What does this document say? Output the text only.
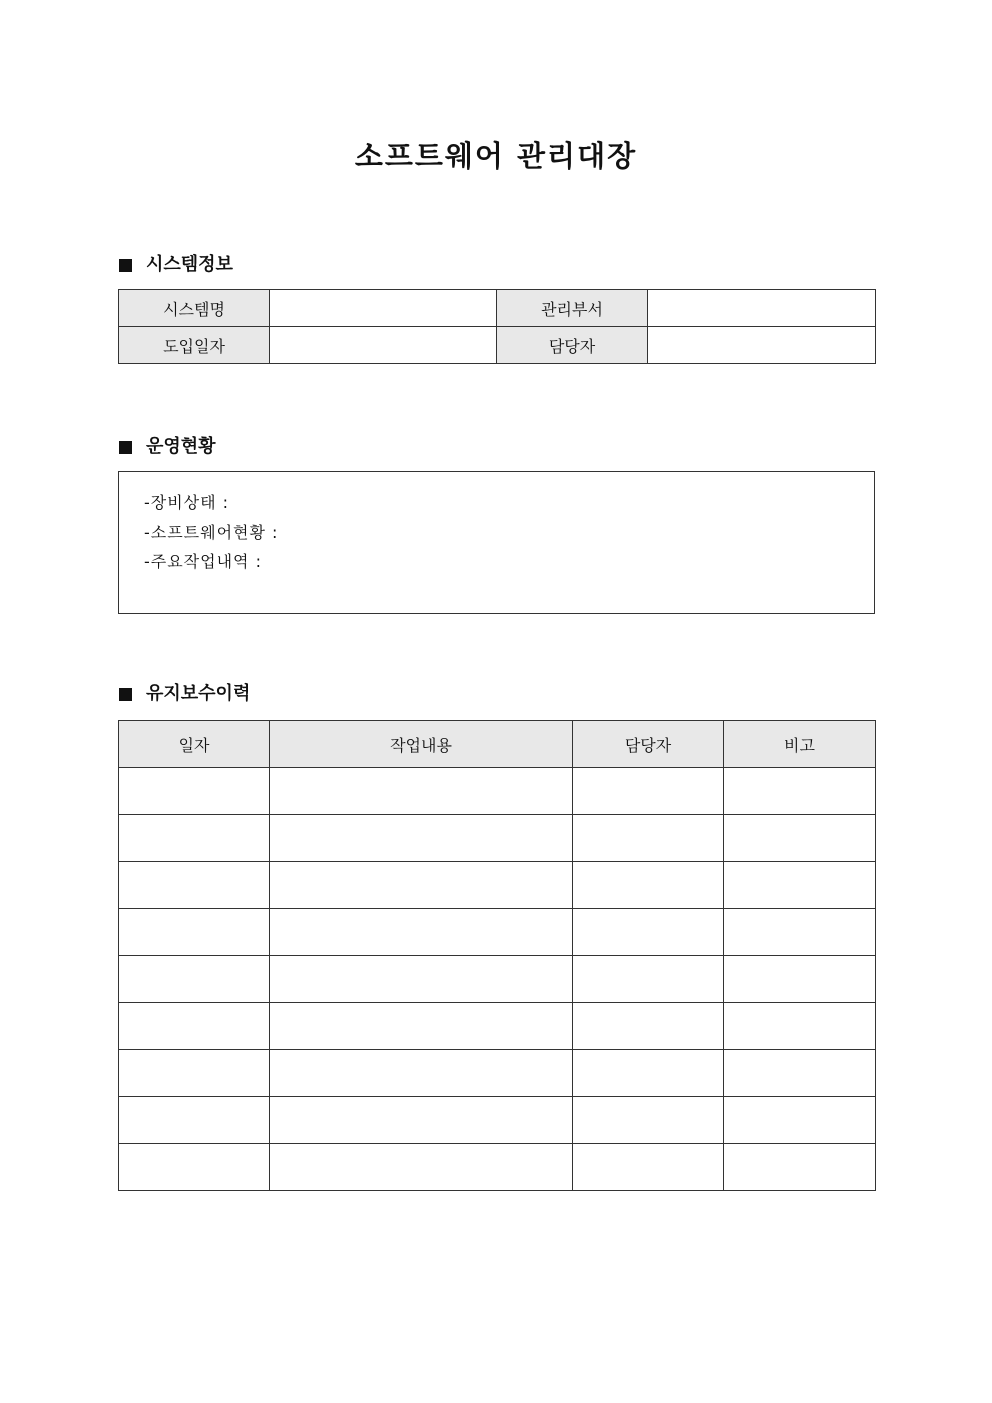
소프트웨어 관리대장
시스템정보
시스템명		관리부서	
도입일자		담당자	
운영현황
-장비상태 :
-소프트웨어현황 :
-주요작업내역 :
유지보수이력
일자	작업내용	담당자	비고
